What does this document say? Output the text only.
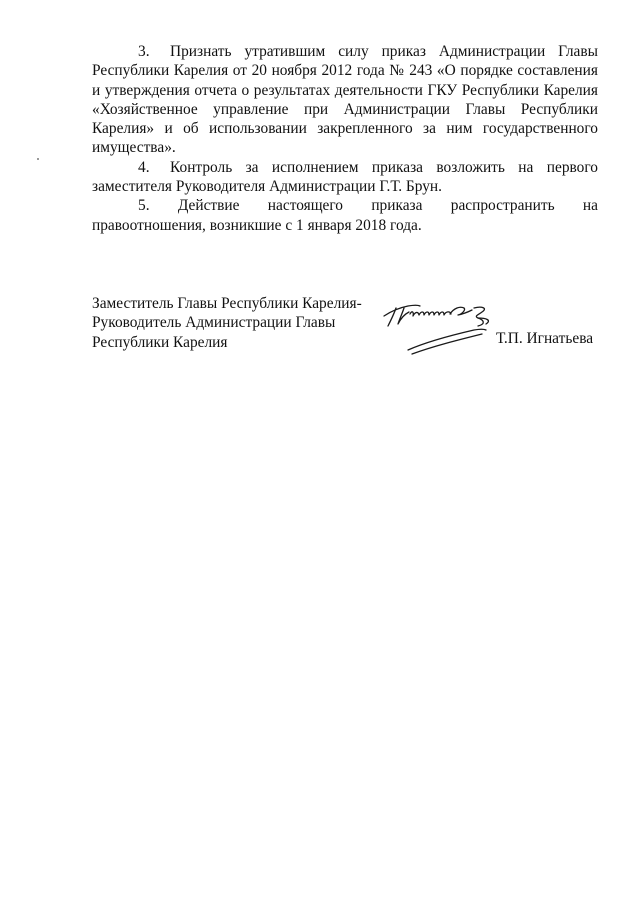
3. Признать утратившим силу приказ Администрации Главы Республики Карелия от 20 ноября 2012 года № 243 «О порядке составления и утверждения отчета о результатах деятельности ГКУ Республики Карелия «Хозяйственное управление при Администрации Главы Республики Карелия» и об использовании закрепленного за ним государственного имущества».

4. Контроль за исполнением приказа возложить на первого заместителя Руководителя Администрации Г.Т. Брун.

5. Действие настоящего приказа распространить на

правоотношения, возникшие с 1 января 2018 года.

Заместитель Главы Республики Карелия-
Руководитель Администрации Главы
Республики Карелия	Т.П. Игнатьева
